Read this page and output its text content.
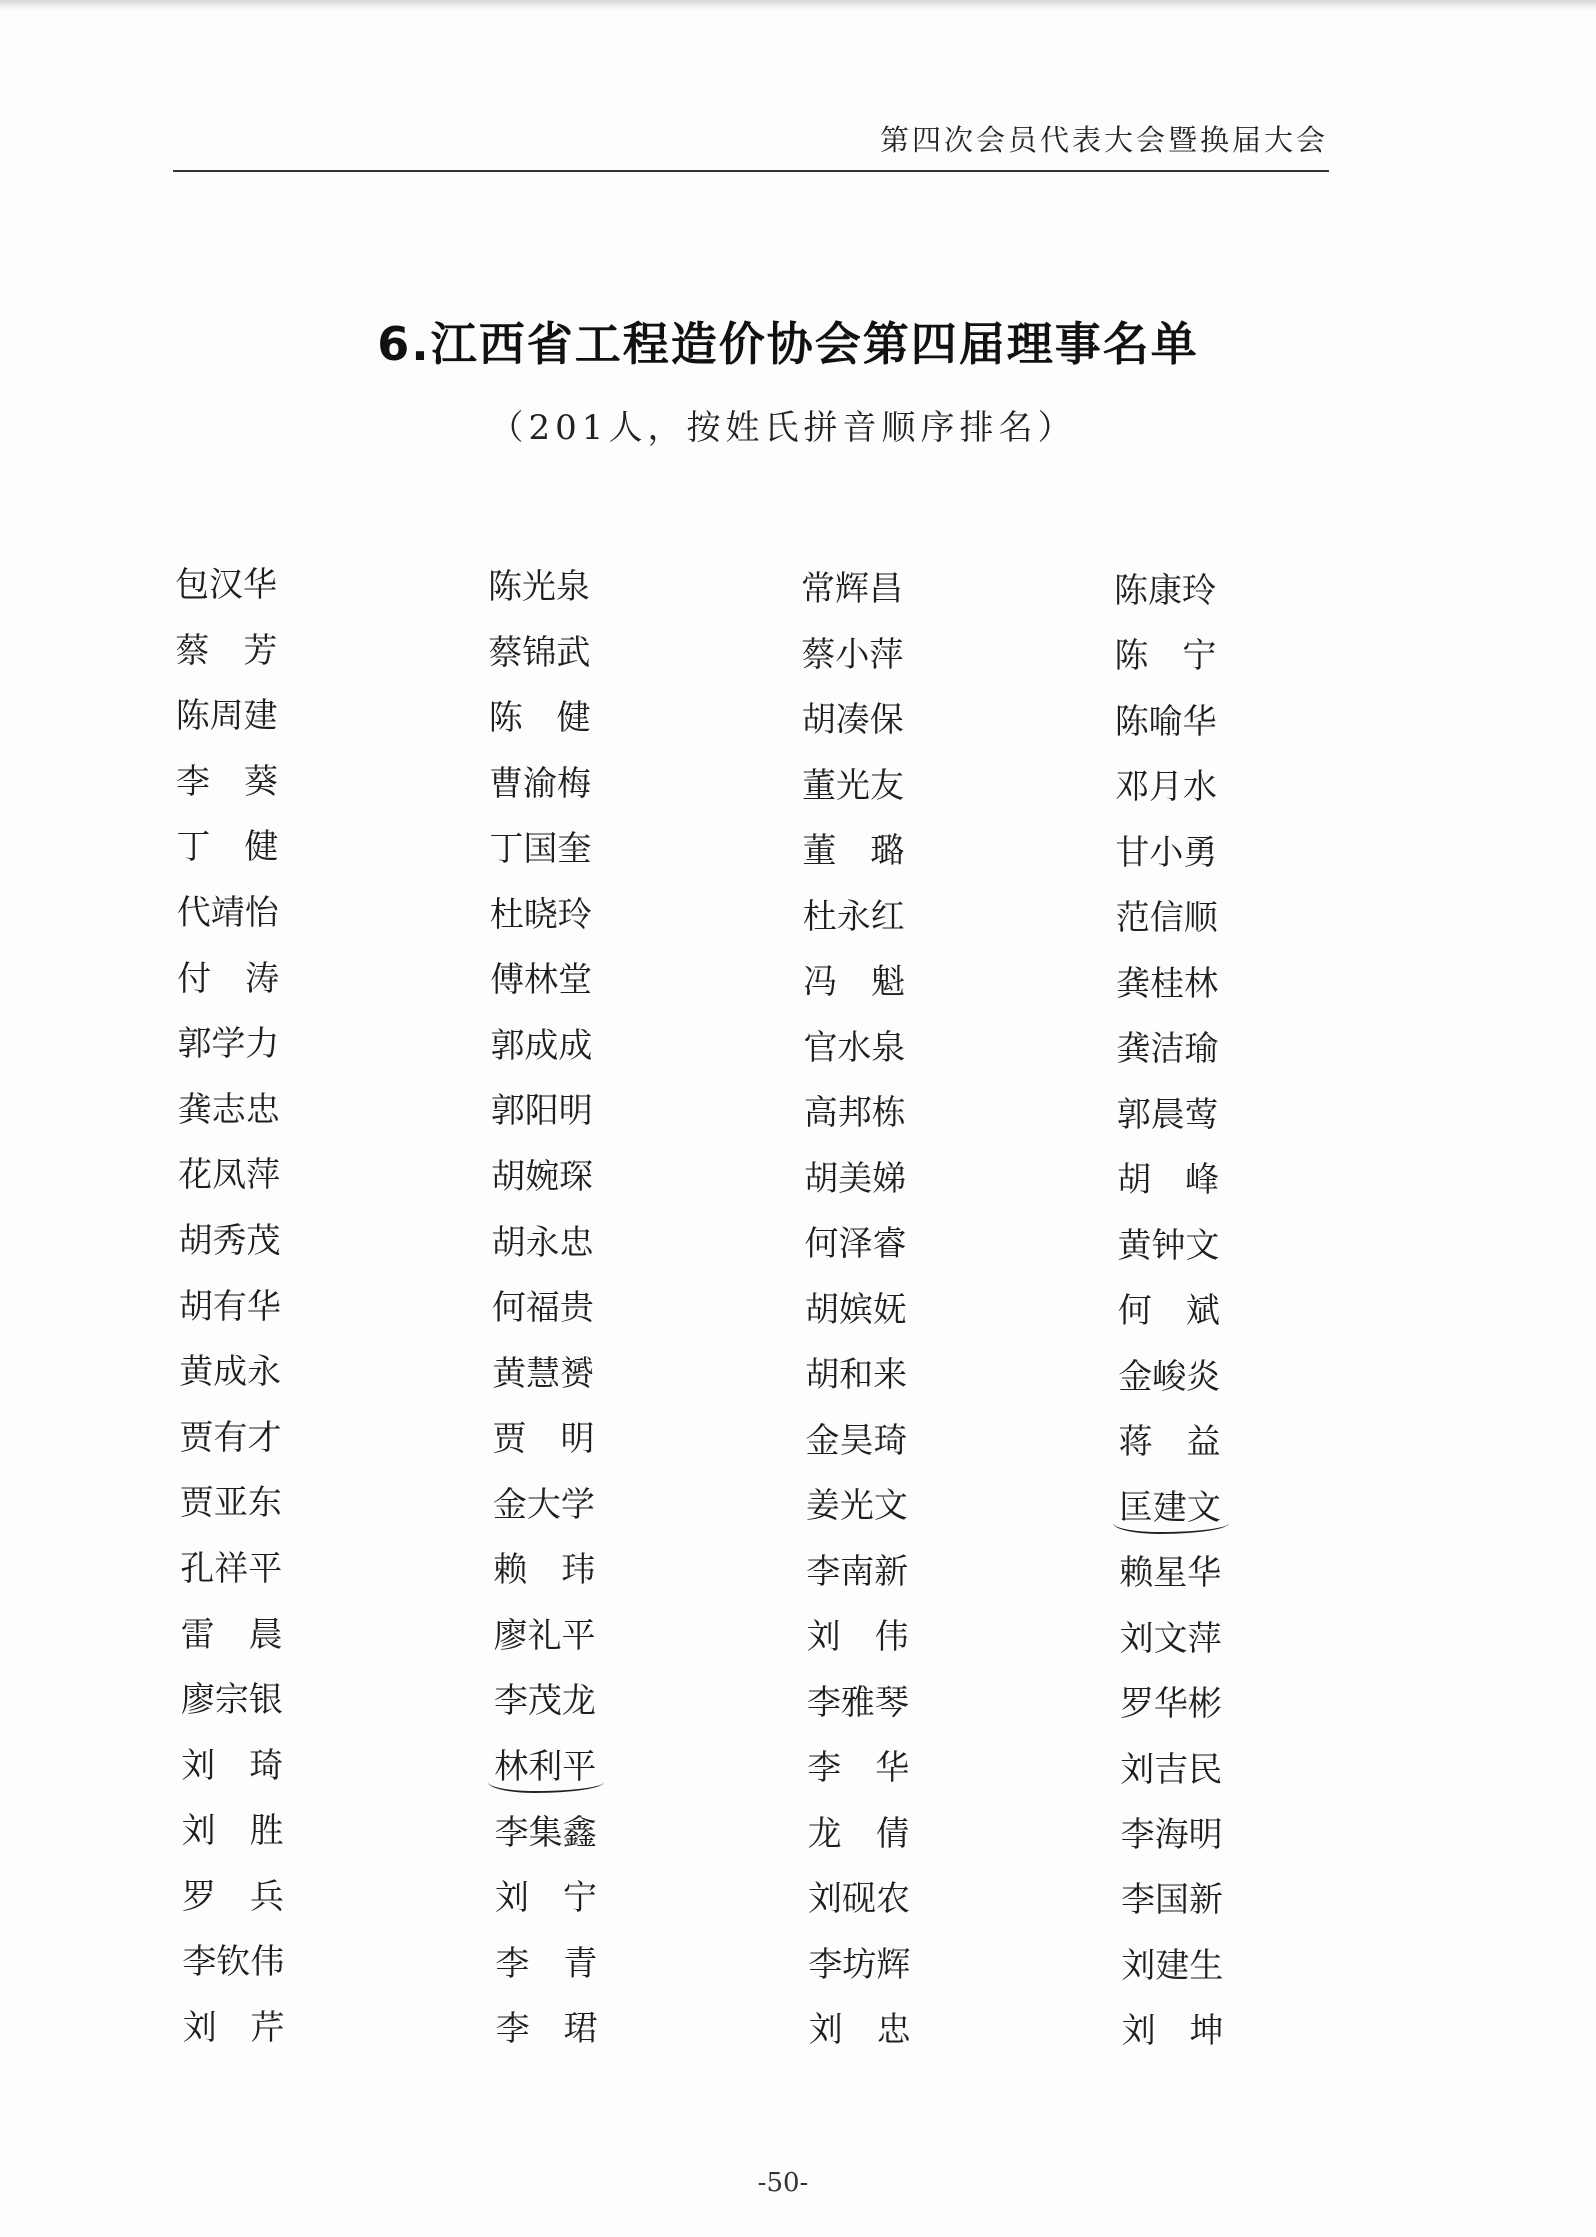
第四次会员代表大会暨换届大会
6.江西省工程造价协会第四届理事名单
（201人，按姓氏拼音顺序排名）
包汉华	陈光泉	常辉昌	陈康玲
蔡　芳	蔡锦武	蔡小萍	陈　宁
陈周建	陈　健	胡凑保	陈喻华
李　葵	曹渝梅	董光友	邓月水
丁　健	丁国奎	董　璐	甘小勇
代靖怡	杜晓玲	杜永红	范信顺
付　涛	傅林堂	冯　魁	龚桂林
郭学力	郭成成	官水泉	龚洁瑜
龚志忠	郭阳明	高邦栋	郭晨莺
花凤萍	胡婉琛	胡美娣	胡　峰
胡秀茂	胡永忠	何泽睿	黄钟文
胡有华	何福贵	胡嫔妩	何　斌
黄成永	黄慧赟	胡和来	金峻炎
贾有才	贾　明	金昊琦	蒋　益
贾亚东	金大学	姜光文	匡建文
孔祥平	赖　玮	李南新	赖星华
雷　晨	廖礼平	刘　伟	刘文萍
廖宗银	李茂龙	李雅琴	罗华彬
刘　琦	林利平	李　华	刘吉民
刘　胜	李集鑫	龙　倩	李海明
罗　兵	刘　宁	刘砚农	李国新
李钦伟	李　青	李坊辉	刘建生
刘　芹	李　珺	刘　忠	刘　坤
-50-
